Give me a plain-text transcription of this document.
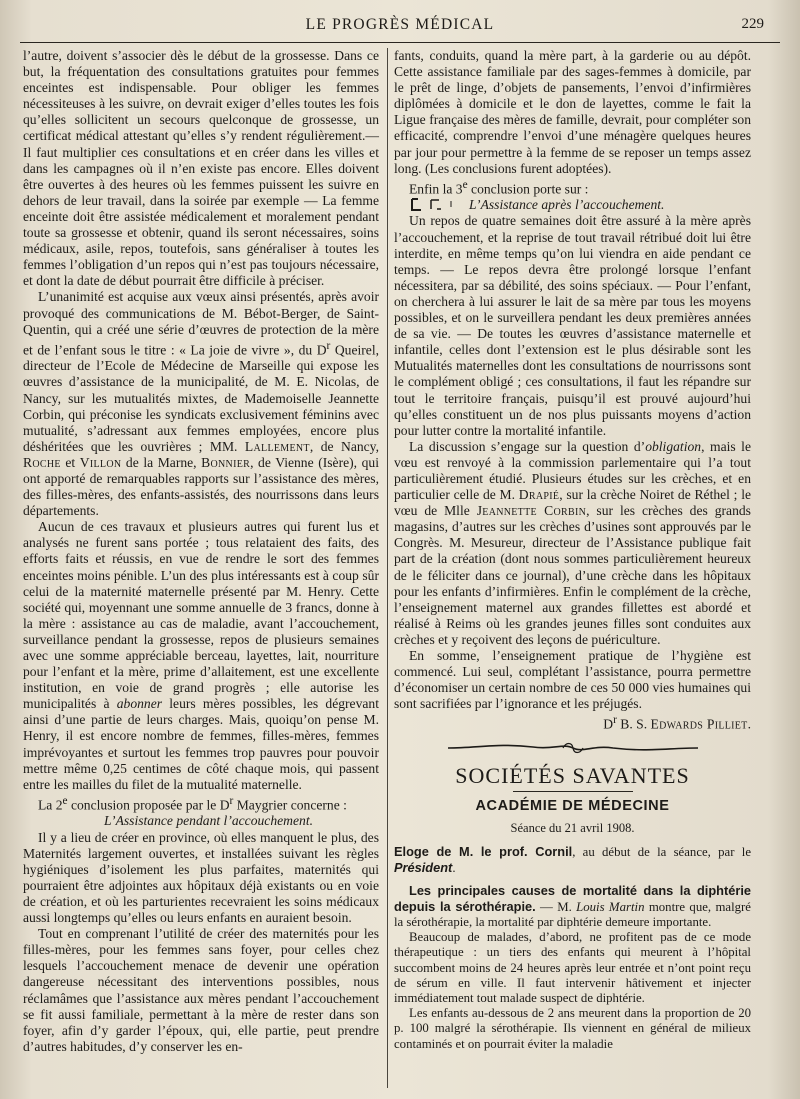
LE PROGRÈS MÉDICAL	229

l’autre, doivent s’associer dès le début de la grossesse. Dans ce but, la fréquentation des consultations gratuites pour femmes enceintes est indispensable. Pour obliger les femmes nécessiteuses à les suivre, on devrait exiger d’elles toutes les fois qu’elles sollicitent un secours quelconque de grossesse, un certificat médical attestant qu’elles s’y rendent régulièrement.— Il faut multiplier ces consultations et en créer dans les villes et dans les campagnes où il n’en existe pas encore. Elles doivent être ouvertes à des heures où les femmes puissent les suivre en dehors de leur travail, dans la soirée par exemple — La femme enceinte doit être assistée médicalement et moralement pendant toute sa grossesse et obtenir, quand ils seront nécessaires, soins médicaux, asile, repos, toutefois, sans généraliser à toutes les femmes l’obligation d’un repos qui n’est pas toujours nécessaire, et dont la date de début pourrait être difficile à préciser.

L’unanimité est acquise aux vœux ainsi présentés, après avoir provoqué des communications de M. Bébot-Berger, de Saint-Quentin, qui a créé une série d’œuvres de protection de la mère et de l’enfant sous le titre : « La joie de vivre », du $D^r$ Queirel, directeur de l’Ecole de Médecine de Marseille qui expose les œuvres d’assistance de la municipalité, de M. E. Nicolas, de Nancy, sur les mutualités mixtes, de Mademoiselle Jeannette Corbin, qui préconise les syndicats exclusivement féminins avec mutualité, s’adressant aux femmes employées, encore plus déshéritées que les ouvrières ; MM. Lallement, de Nancy, Roche et Villon de la Marne, Bonnier, de Vienne (Isère), qui ont apporté de remarquables rapports sur l’assistance des mères, des filles-mères, des enfants-assistés, des nourrissons dans leurs départements.

Aucun de ces travaux et plusieurs autres qui furent lus et analysés ne furent sans portée ; tous relataient des faits, des efforts faits et réussis, en vue de rendre le sort des femmes enceintes moins pénible. L’un des plus intéressants est à coup sûr celui de la maternité maternelle présenté par M. Henry. Cette société qui, moyennant une somme annuelle de 3 francs, donne à la mère : assistance au cas de maladie, avant l’accouchement, surveillance pendant la grossesse, repos de plusieurs semaines avec une somme appréciable berceau, layettes, lait, nourriture pour l’enfant et la mère, prime d’allaitement, est une excellente institution, en voie de grand progrès ; elle autorise les municipalités à abonner leurs mères possibles, les dégrevant ainsi d’une partie de leurs charges. Mais, quoiqu’on pense M. Henry, il est encore nombre de femmes, filles-mères, femmes imprévoyantes et surtout les femmes trop pauvres pour pouvoir mettre même 0,25 centimes de côté chaque mois, qui passent entre les mailles du filet de la mutualité maternelle.

La 2e conclusion proposée par le $D^r$ Maygrier concerne :

L’Assistance pendant l’accouchement.

Il y a lieu de créer en province, où elles manquent le plus, des Maternités largement ouvertes, et installées suivant les règles hygiéniques d’isolement les plus parfaites, maternités qui pourraient être adjointes aux hôpitaux déjà existants ou en voie de création, et où les parturientes recevraient les soins médicaux aussi longtemps qu’elles ou leurs enfants en auraient besoin.

Tout en comprenant l’utilité de créer des maternités pour les filles-mères, pour les femmes sans foyer, pour celles chez lesquels l’accouchement menace de devenir une opération dangereuse nécessitant des interventions possibles, nous réclamâmes que l’assistance aux mères pendant l’accouchement se fit aussi familiale, permettant à la mère de rester dans son foyer, afin d’y garder l’époux, qui, elle partie, peut prendre d’autres habitudes, d’y conserver les en-

fants, conduits, quand la mère part, à la garderie ou au dépôt. Cette assistance familiale par des sages-femmes à domicile, par le prêt de linge, d’objets de pansements, l’envoi d’infirmières diplômées à domicile et le don de layettes, comme le fait la Ligue française des mères de famille, devrait, pour compléter son efficacité, comprendre l’envoi d’une ménagère quelques heures par jour pour permettre à la femme de se reposer un temps assez long. (Les conclusions furent adoptées).

Enfin la 3e conclusion porte sur :

L’Assistance après l’accouchement.

Un repos de quatre semaines doit être assuré à la mère après l’accouchement, et la reprise de tout travail rétribué doit lui être interdite, en même temps qu’on lui viendra en aide pendant ce temps. — Le repos devra être prolongé lorsque l’enfant nécessitera, par sa débilité, des soins spéciaux. — Pour l’enfant, on cherchera à lui assurer le lait de sa mère par tous les moyens possibles, et on le surveillera pendant les deux premières années de sa vie. — De toutes les œuvres d’assistance maternelle et infantile, celles dont l’extension est le plus désirable sont les Mutualités maternelles dont les consultations de nourrissons sont le complément obligé ; ces consultations, il faut les répandre sur tout le territoire français, puisqu’il est prouvé aujourd’hui qu’elles constituent un de nos plus puissants moyens d’action pour lutter contre la mortalité infantile.

La discussion s’engage sur la question d’obligation, mais le vœu est renvoyé à la commission parlementaire qui l’a tout particulièrement étudié. Plusieurs études sur les crèches, et en particulier celle de M. Drapié, sur la crèche Noiret de Réthel ; le vœu de Mlle Jeannette Corbin, sur les crèches des grands magasins, d’autres sur les crèches d’usines sont approuvés par le Congrès. M. Mesureur, directeur de l’Assistance publique fait part de la création (dont nous sommes particulièrement heureux de le féliciter dans ce journal), d’une crèche dans les hôpitaux pour les enfants d’infirmières. Enfin le complément de la crèche, l’enseignement maternel aux grandes fillettes est abordé et réalisé à Reims où les grandes jeunes filles sont conduites aux crèches et y reçoivent des leçons de puériculture.

En somme, l’enseignement pratique de l’hygiène est commencé. Lui seul, complétant l’assistance, pourra permettre d’économiser un certain nombre de ces 50 000 vies humaines qui sont sacrifiées par l’ignorance et les préjugés.

$D^r$ B. S. Edwards Pilliet.

SOCIÉTÉS SAVANTES
ACADÉMIE DE MÉDECINE
Séance du 21 avril 1908.

Eloge de M. le prof. Cornil, au début de la séance, par le Président.

Les principales causes de mortalité dans la diphtérie depuis la sérothérapie. — M. Louis Martin montre que, malgré la sérothérapie, la mortalité par diphtérie demeure importante.

Beaucoup de malades, d’abord, ne profitent pas de ce mode thérapeutique : un tiers des enfants qui meurent à l’hôpital succombent moins de 24 heures après leur entrée et n’ont point reçu de sérum en ville. Il faut intervenir hâtivement et injecter immédiatement tout malade suspect de diphtérie.

Les enfants au-dessous de 2 ans meurent dans la proportion de 20 p. 100 malgré la sérothérapie. Ils viennent en général de milieux contaminés et on pourrait éviter la maladie
